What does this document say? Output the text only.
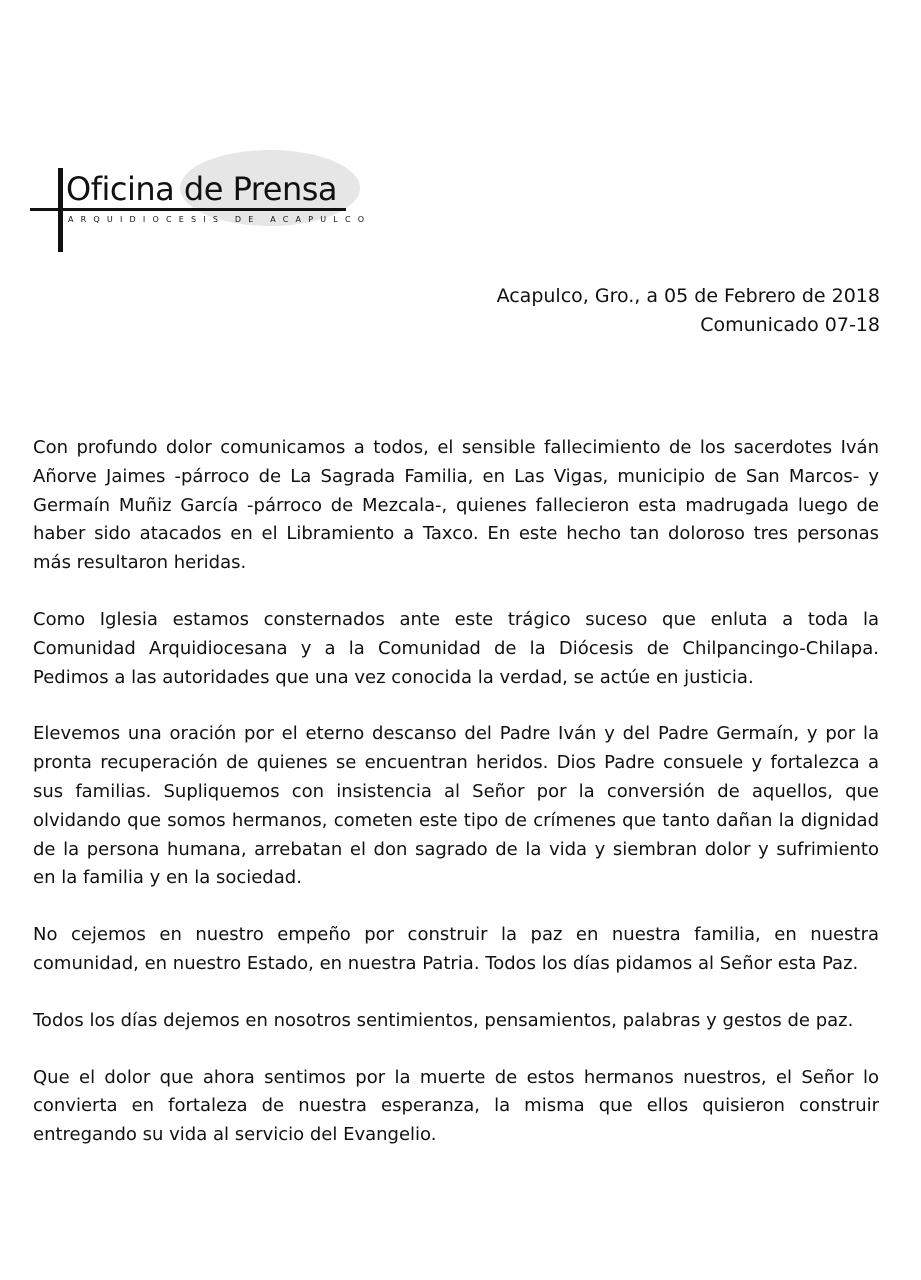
Oficina de Prensa
ARQUIDIOCESIS DE ACAPULCO
Acapulco, Gro., a 05 de Febrero de 2018
Comunicado 07-18

Con profundo dolor comunicamos a todos, el sensible fallecimiento de los sacerdotes Iván Añorve Jaimes -párroco de La Sagrada Familia, en Las Vigas, municipio de San Marcos- y Germaín Muñiz García -párroco de Mezcala-, quienes fallecieron esta madrugada luego de haber sido atacados en el Libramiento a Taxco. En este hecho tan doloroso tres personas más resultaron heridas.

Como Iglesia estamos consternados ante este trágico suceso que enluta a toda la Comunidad Arquidiocesana y a la Comunidad de la Diócesis de Chilpancingo-Chilapa. Pedimos a las autoridades que una vez conocida la verdad, se actúe en justicia.

Elevemos una oración por el eterno descanso del Padre Iván y del Padre Germaín, y por la pronta recuperación de quienes se encuentran heridos. Dios Padre consuele y fortalezca a sus familias. Supliquemos con insistencia al Señor por la conversión de aquellos, que olvidando que somos hermanos, cometen este tipo de crímenes que tanto dañan la dignidad de la persona humana, arrebatan el don sagrado de la vida y siembran dolor y sufrimiento en la familia y en la sociedad.

No cejemos en nuestro empeño por construir la paz en nuestra familia, en nuestra comunidad, en nuestro Estado, en nuestra Patria. Todos los días pidamos al Señor esta Paz.

Todos los días dejemos en nosotros sentimientos, pensamientos, palabras y gestos de paz.

Que el dolor que ahora sentimos por la muerte de estos hermanos nuestros, el Señor lo convierta en fortaleza de nuestra esperanza, la misma que ellos quisieron construir entregando su vida al servicio del Evangelio.
